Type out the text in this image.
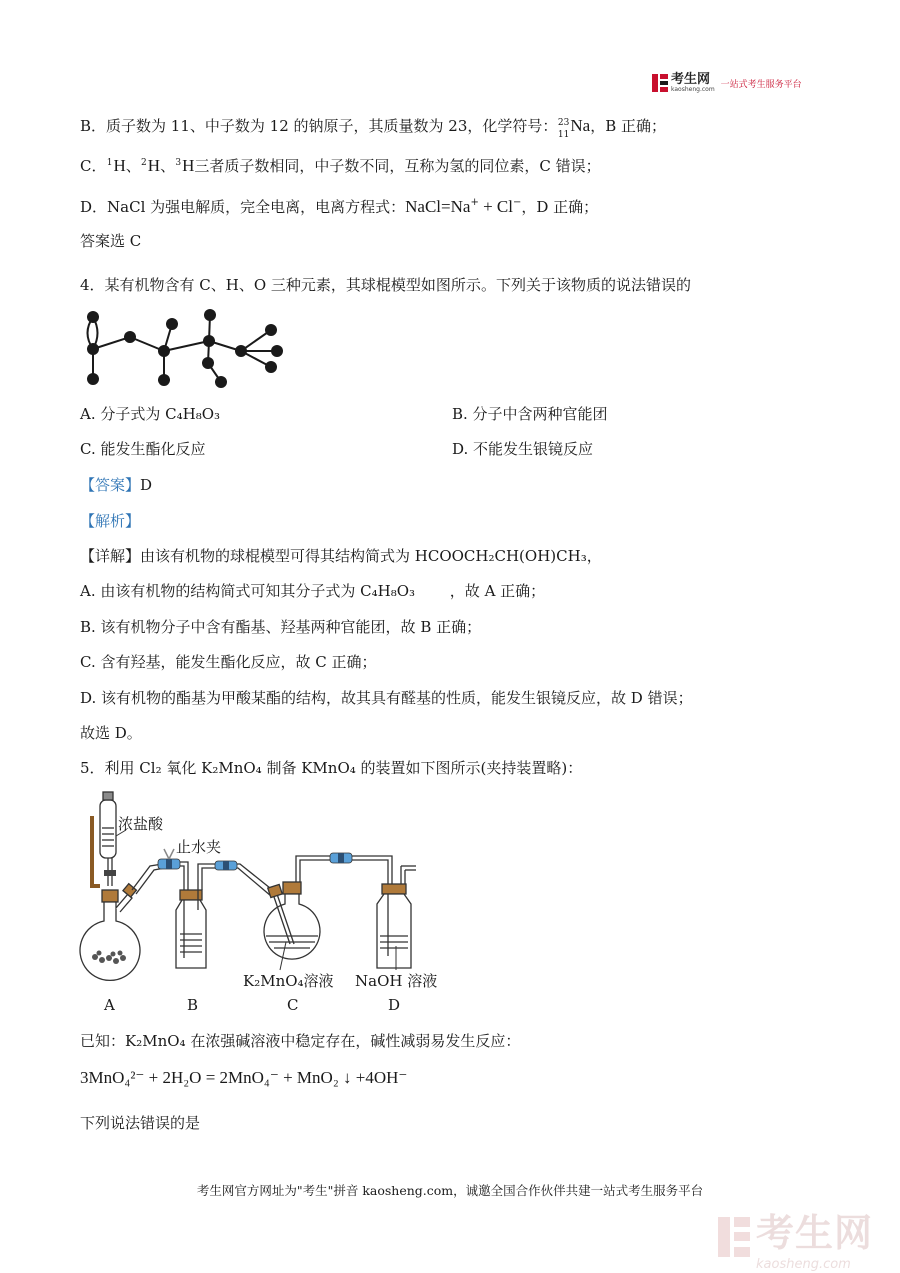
考生网
kaosheng.com 一站式考生服务平台
B．质子数为 11、中子数为 12 的钠原子，其质量数为 23，化学符号： 23
11 Na，B 正确；
C． 1 H、 2 H、 3 H三者质子数相同，中子数不同，互称为氢的同位素，C 错误；
D．NaCl 为强电解质，完全电离，电离方程式：NaCl=Na+ + Cl−，D 正确；
答案选 C
4．某有机物含有 C、H、O 三种元素，其球棍模型如图所示。下列关于该物质的说法错误的
A. 分子式为 C₄H₈O₃	B. 分子中含两种官能团
C. 能发生酯化反应	D. 不能发生银镜反应
【答案】D
【解析】
【详解】由该有机物的球棍模型可得其结构简式为 HCOOCH₂CH(OH)CH₃，
A. 由该有机物的结构简式可知其分子式为 C₄H₈O₃ 　　，故 A 正确；
B. 该有机物分子中含有酯基、羟基两种官能团，故 B 正确；
C. 含有羟基，能发生酯化反应，故 C 正确；
D. 该有机物的酯基为甲酸某酯的结构，故其具有醛基的性质，能发生银镜反应，故 D 错误；
故选 D。
5．利用 Cl₂ 氧化 K₂MnO₄ 制备 KMnO₄ 的装置如下图所示(夹持装置略)：
浓盐酸
止水夹
K₂MnO₄溶液 NaOH 溶液
A	B	C	D
已知：K₂MnO₄ 在浓强碱溶液中稳定存在，碱性减弱易发生反应：
3MnO₄²⁻ + 2H₂O = 2MnO₄⁻ + MnO₂ ↓ +4OH⁻
下列说法错误的是
考生网官方网址为"考生"拼音 kaosheng.com，诚邀全国合作伙伴共建一站式考生服务平台
考生网
kaosheng.com
